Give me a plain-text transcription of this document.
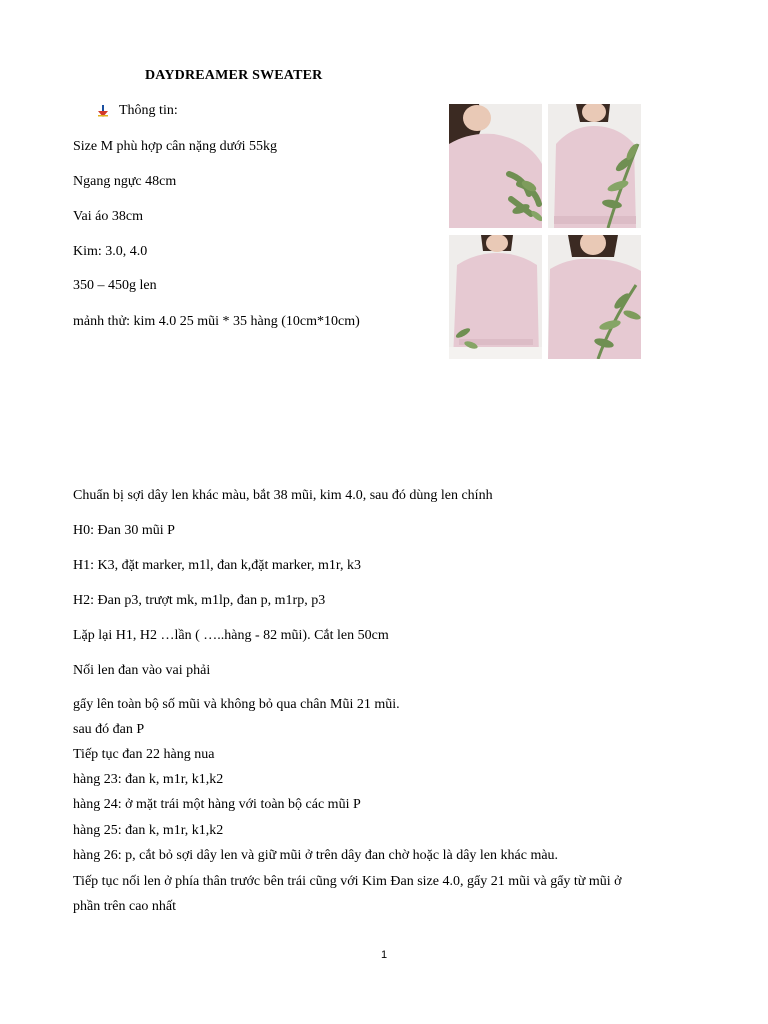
DAYDREAMER SWEATER
Thông tin:
Size M phù hợp cân nặng dưới 55kg
Ngang ngực 48cm
Vai áo 38cm
Kim: 3.0, 4.0
350 – 450g len
mảnh thử: kim 4.0 25 mũi * 35 hàng (10cm*10cm)
Chuẩn bị sợi dây len khác màu, bắt 38 mũi, kim 4.0, sau đó dùng len chính
H0: Đan 30 mũi P
H1: K3, đặt marker, m1l, đan k,đặt marker, m1r, k3
H2: Đan p3, trượt mk, m1lp, đan p, m1rp, p3
Lặp lại H1, H2 …lần ( …..hàng - 82 mũi). Cắt len 50cm
Nối len đan vào vai phải
gẩy lên toàn bộ số mũi và không bỏ qua chân Mũi 21 mũi.
sau đó đan P
Tiếp tục đan 22 hàng nua
hàng 23: đan k, m1r, k1,k2
hàng 24: ở mặt trái một hàng với toàn bộ các mũi P
hàng 25: đan k, m1r, k1,k2
hàng 26: p, cắt bỏ sợi dây len và giữ mũi ở trên dây đan chờ hoặc là dây len khác màu.
Tiếp tục nối len ở phía thân trước bên trái cũng với Kim Đan size 4.0, gẩy 21 mũi và gẩy từ mũi ở
phần trên cao nhất
1
